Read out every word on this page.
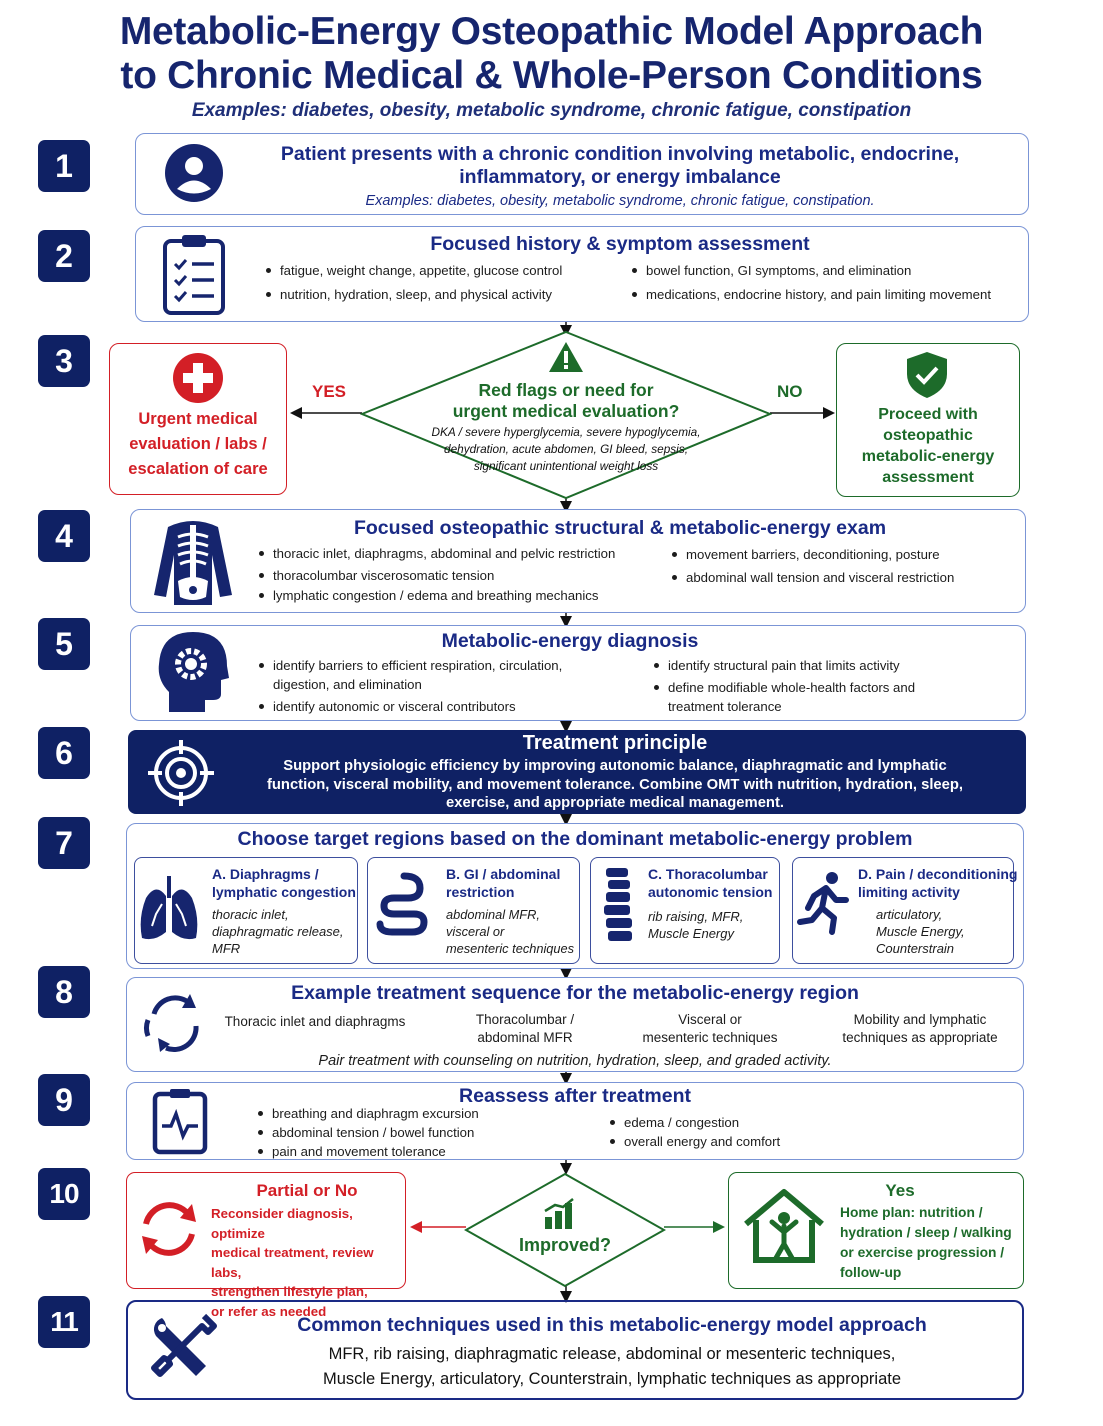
Metabolic-Energy Osteopathic Model Approach
to Chronic Medical & Whole-Person Conditions
Examples: diabetes, obesity, metabolic syndrome, chronic fatigue, constipation
1	Patient presents with a chronic condition involving metabolic, endocrine,
inflammatory, or energy imbalance
Examples: diabetes, obesity, metabolic syndrome, chronic fatigue, constipation.
2	Focused history & symptom assessment
fatigue, weight change, appetite, glucose control
nutrition, hydration, sleep, and physical activity
bowel function, GI symptoms, and elimination
medications, endocrine history, and pain limiting movement
3
Urgent medical
evaluation / labs /
escalation of care
YES	NO
Red flags or need for
urgent medical evaluation?
DKA / severe hyperglycemia, severe hypoglycemia,
dehydration, acute abdomen, GI bleed, sepsis,
significant unintentional weight loss
Proceed with
osteopathic
metabolic-energy
assessment
4	Focused osteopathic structural & metabolic-energy exam
thoracic inlet, diaphragms, abdominal and pelvic restriction
thoracolumbar viscerosomatic tension
lymphatic congestion / edema and breathing mechanics
movement barriers, deconditioning, posture
abdominal wall tension and visceral restriction
5	Metabolic-energy diagnosis
identify barriers to efficient respiration, circulation, digestion, and elimination
identify autonomic or visceral contributors
identify structural pain that limits activity
define modifiable whole-health factors and treatment tolerance
6	Treatment principle
Support physiologic efficiency by improving autonomic balance, diaphragmatic and lymphatic
function, visceral mobility, and movement tolerance. Combine OMT with nutrition, hydration, sleep,
exercise, and appropriate medical management.
7	Choose target regions based on the dominant metabolic-energy problem
A. Diaphragms /
lymphatic congestion
thoracic inlet,
diaphragmatic release,
MFR
B. GI / abdominal
restriction
abdominal MFR,
visceral or
mesenteric techniques
C. Thoracolumbar
autonomic tension
rib raising, MFR,
Muscle Energy
D. Pain / deconditioning
limiting activity
articulatory,
Muscle Energy,
Counterstrain
8	Example treatment sequence for the metabolic-energy region
Thoracic inlet and diaphragms	Thoracolumbar /
abdominal MFR
Visceral or
mesenteric techniques
Mobility and lymphatic
techniques as appropriate
Pair treatment with counseling on nutrition, hydration, sleep, and graded activity.
9	Reassess after treatment
breathing and diaphragm excursion
abdominal tension / bowel function
pain and movement tolerance
edema / congestion
overall energy and comfort
10	Partial or No
Reconsider diagnosis, optimize
medical treatment, review labs,
strengthen lifestyle plan,
or refer as needed
Improved?
Yes
Home plan: nutrition /
hydration / sleep / walking
or exercise progression /
follow-up
11	Common techniques used in this metabolic-energy model approach
MFR, rib raising, diaphragmatic release, abdominal or mesenteric techniques,
Muscle Energy, articulatory, Counterstrain, lymphatic techniques as appropriate
